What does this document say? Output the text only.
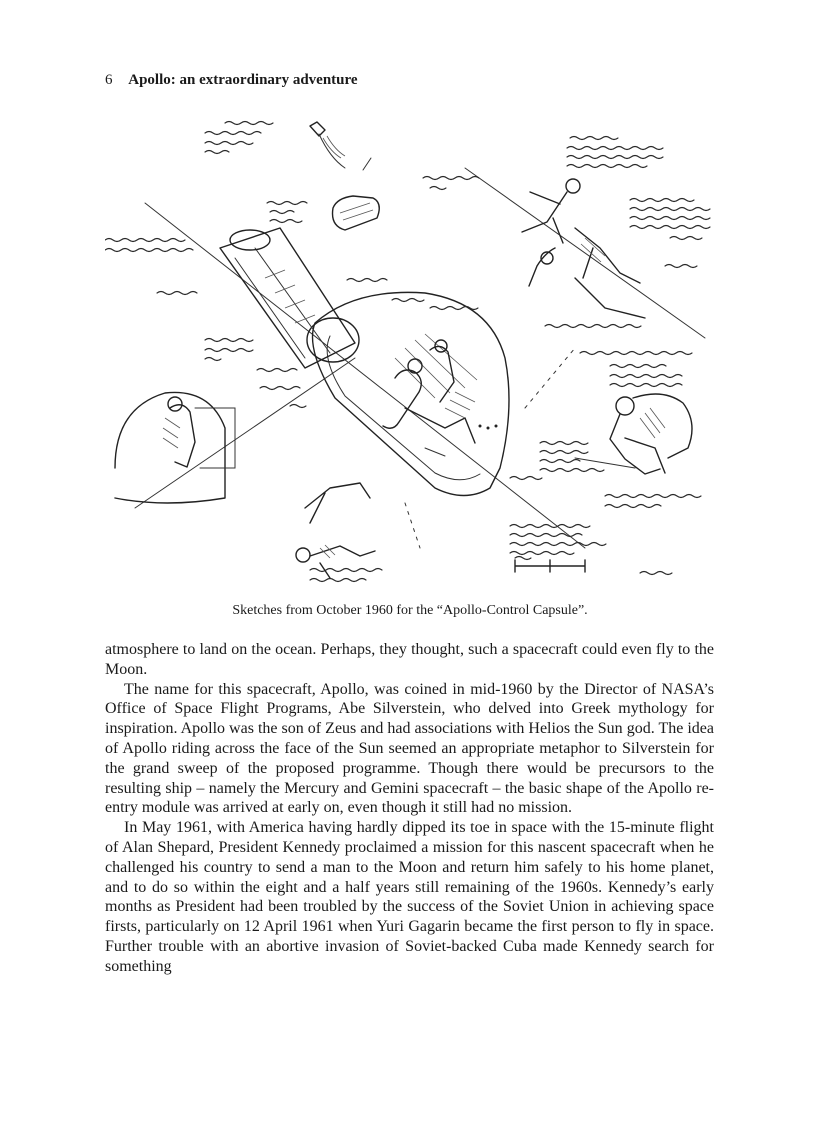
6 Apollo: an extraordinary adventure
Sketches from October 1960 for the “Apollo-Control Capsule”.

atmosphere to land on the ocean. Perhaps, they thought, such a spacecraft could even fly to the Moon.

The name for this spacecraft, Apollo, was coined in mid-1960 by the Director of NASA’s Office of Space Flight Programs, Abe Silverstein, who delved into Greek mythology for inspiration. Apollo was the son of Zeus and had associations with Helios the Sun god. The idea of Apollo riding across the face of the Sun seemed an appropriate metaphor to Silverstein for the grand sweep of the proposed programme. Though there would be precursors to the resulting ship – namely the Mercury and Gemini spacecraft – the basic shape of the Apollo re-entry module was arrived at early on, even though it still had no mission.

In May 1961, with America having hardly dipped its toe in space with the 15-minute flight of Alan Shepard, President Kennedy proclaimed a mission for this nascent spacecraft when he challenged his country to send a man to the Moon and return him safely to his home planet, and to do so within the eight and a half years still remaining of the 1960s. Kennedy’s early months as President had been troubled by the success of the Soviet Union in achieving space firsts, particularly on 12 April 1961 when Yuri Gagarin became the first person to fly in space. Further trouble with an abortive invasion of Soviet-backed Cuba made Kennedy search for something
